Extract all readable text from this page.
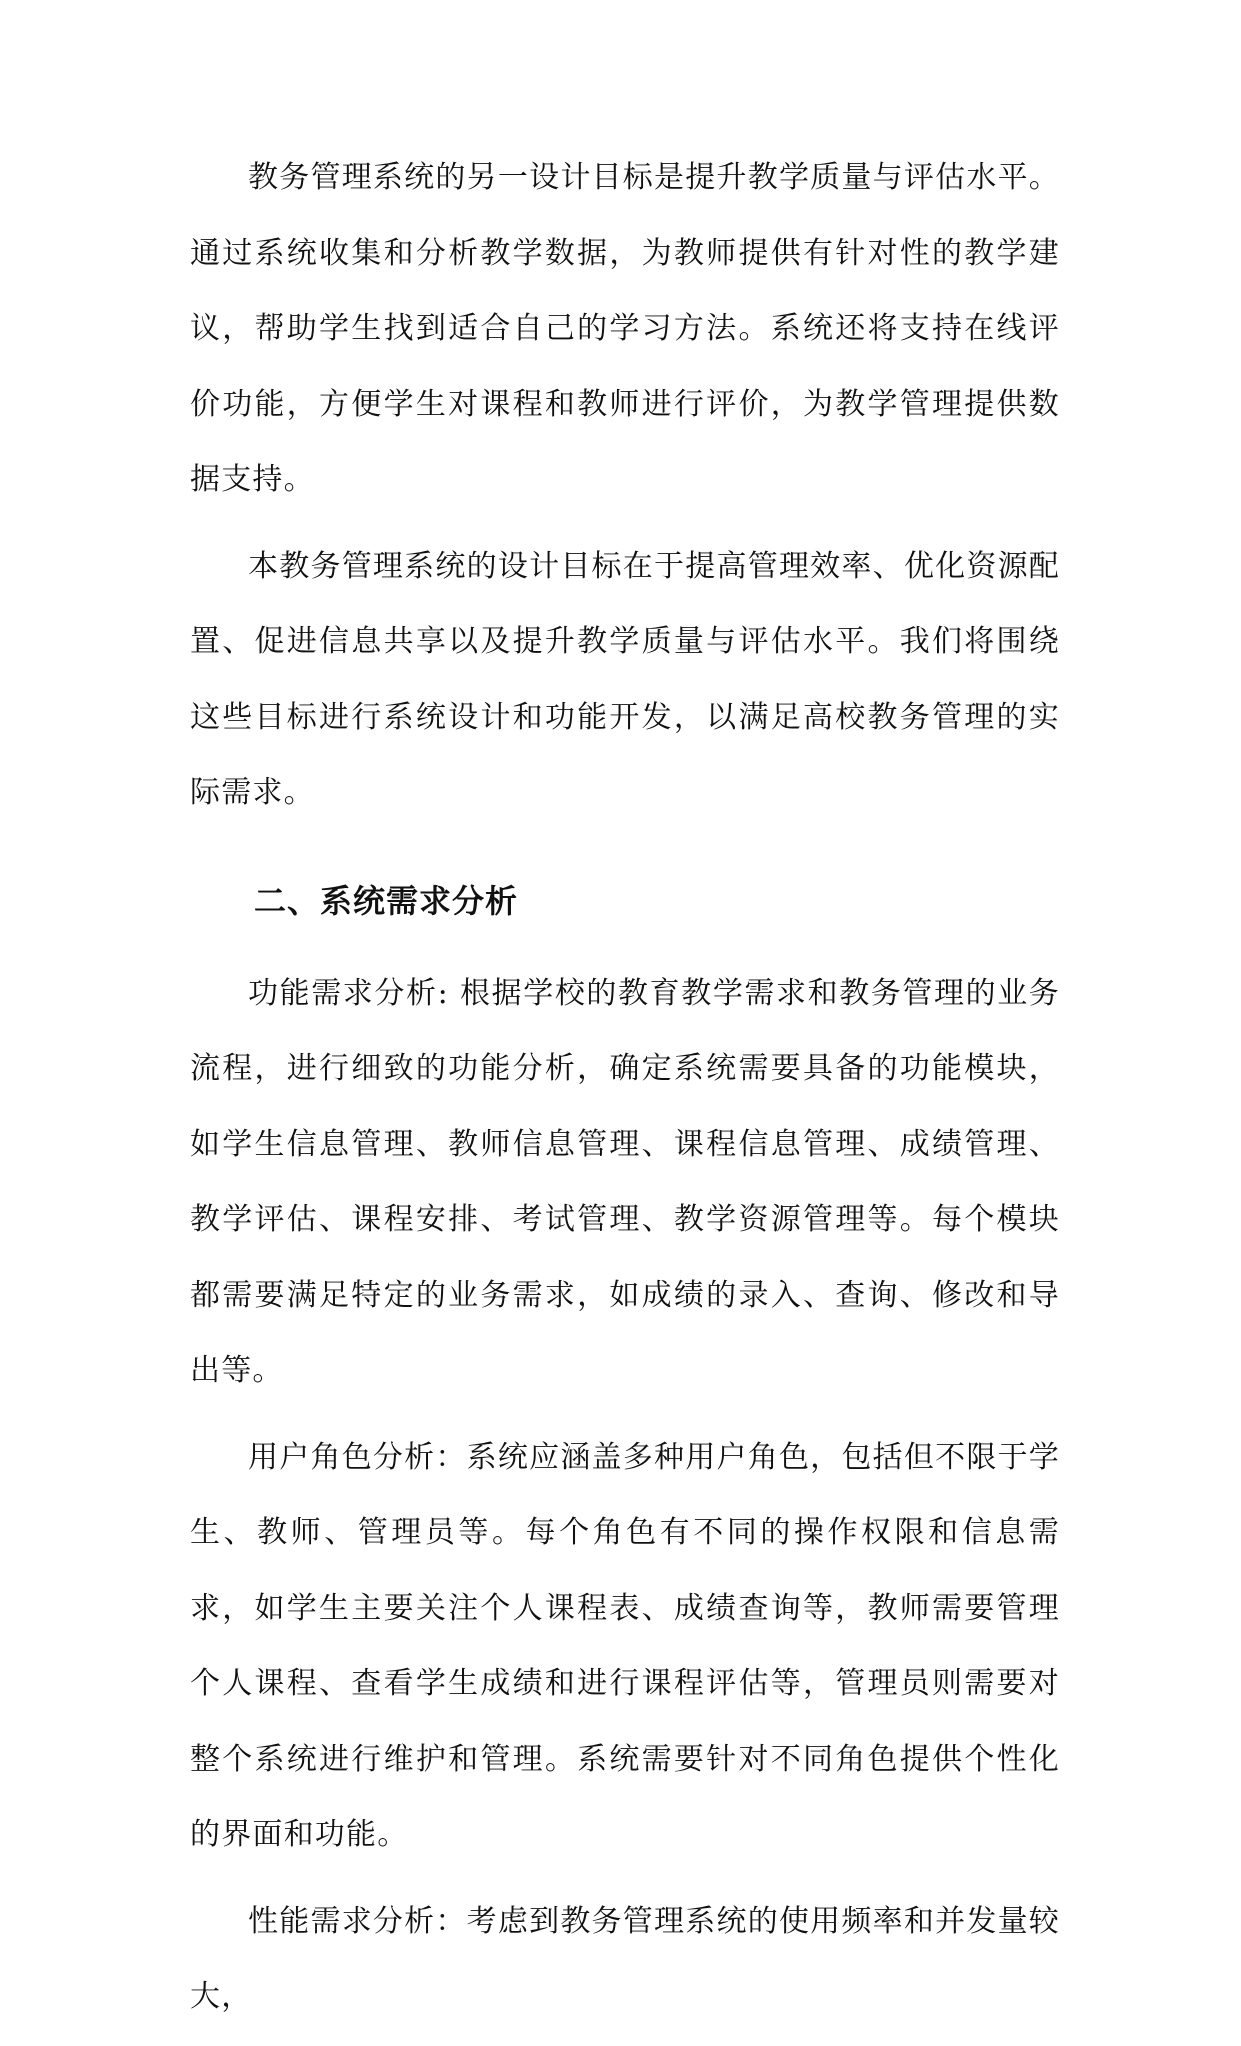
教务管理系统的另一设计目标是提升教学质量与评估水平。通过系统收集和分析教学数据，为教师提供有针对性的教学建议，帮助学生找到适合自己的学习方法。系统还将支持在线评价功能，方便学生对课程和教师进行评价，为教学管理提供数据支持。

本教务管理系统的设计目标在于提高管理效率、优化资源配置、促进信息共享以及提升教学质量与评估水平。我们将围绕这些目标进行系统设计和功能开发，以满足高校教务管理的实际需求。

二、系统需求分析

功能需求分析: 根据学校的教育教学需求和教务管理的业务流程，进行细致的功能分析，确定系统需要具备的功能模块，如学生信息管理、教师信息管理、课程信息管理、成绩管理、教学评估、课程安排、考试管理、教学资源管理等。每个模块都需要满足特定的业务需求，如成绩的录入、查询、修改和导出等。

用户角色分析：系统应涵盖多种用户角色，包括但不限于学生、教师、管理员等。每个角色有不同的操作权限和信息需求，如学生主要关注个人课程表、成绩查询等，教师需要管理个人课程、查看学生成绩和进行课程评估等，管理员则需要对整个系统进行维护和管理。系统需要针对不同角色提供个性化的界面和功能。

性能需求分析：考虑到教务管理系统的使用频率和并发量较大，
